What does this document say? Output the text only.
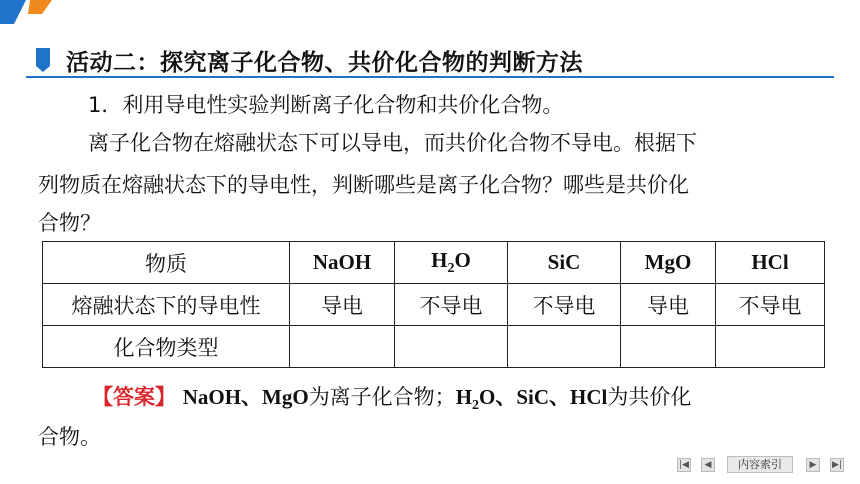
活动二：探究离子化合物、共价化合物的判断方法
1．利用导电性实验判断离子化合物和共价化合物。
离子化合物在熔融状态下可以导电，而共价化合物不导电。根据下
列物质在熔融状态下的导电性，判断哪些是离子化合物？哪些是共价化
合物？
物质	NaOH	$H_2O$	SiC	MgO	HCl
熔融状态下的导电性	导电	不导电	不导电	导电	不导电
化合物类型					
【答案】 NaOH、MgO为离子化合物；$H_2O$、SiC、HCl为共价化
合物。
|◀	◀	内容索引	▶	▶|
